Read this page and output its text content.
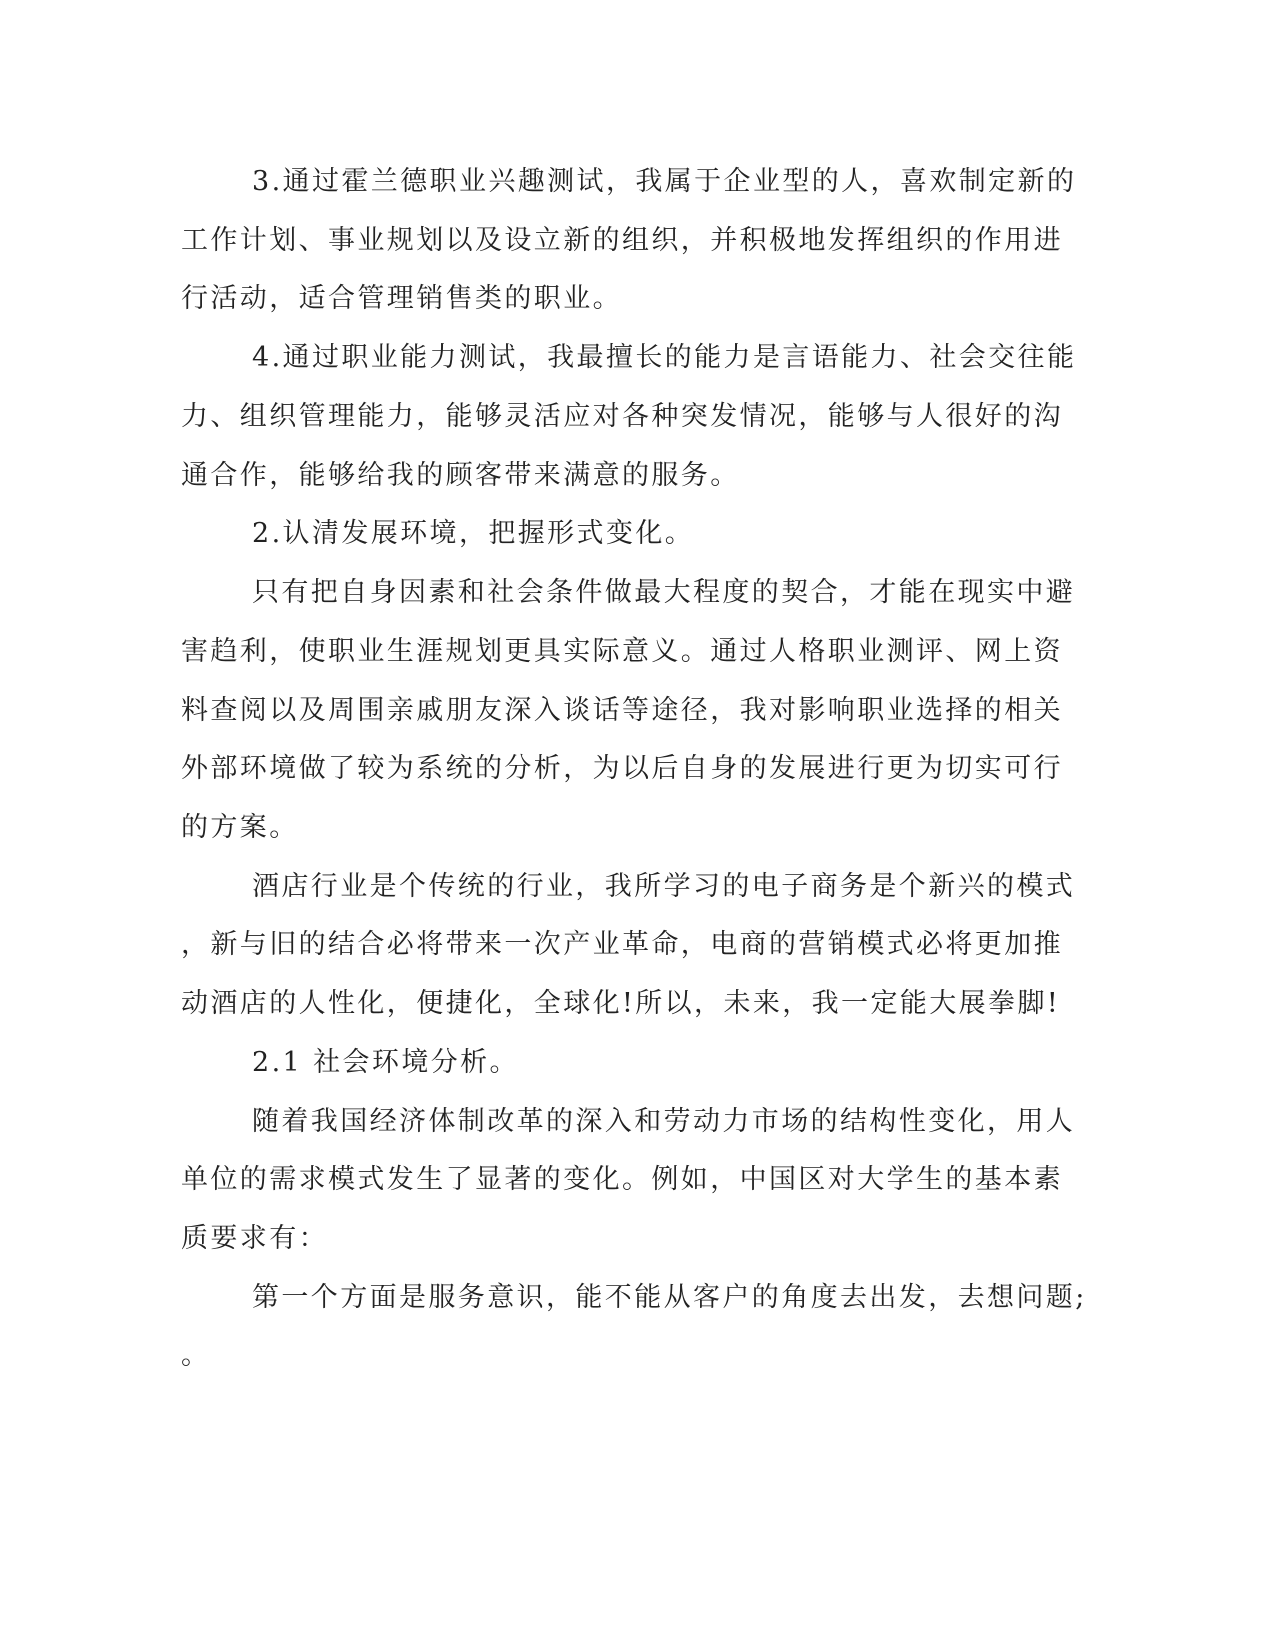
3.通过霍兰德职业兴趣测试，我属于企业型的人，喜欢制定新的
工作计划、事业规划以及设立新的组织，并积极地发挥组织的作用进
行活动，适合管理销售类的职业。
4.通过职业能力测试，我最擅长的能力是言语能力、社会交往能
力、组织管理能力，能够灵活应对各种突发情况，能够与人很好的沟
通合作，能够给我的顾客带来满意的服务。
2.认清发展环境，把握形式变化。
只有把自身因素和社会条件做最大程度的契合，才能在现实中避
害趋利，使职业生涯规划更具实际意义。通过人格职业测评、网上资
料查阅以及周围亲戚朋友深入谈话等途径，我对影响职业选择的相关
外部环境做了较为系统的分析，为以后自身的发展进行更为切实可行
的方案。
酒店行业是个传统的行业，我所学习的电子商务是个新兴的模式
，新与旧的结合必将带来一次产业革命，电商的营销模式必将更加推
动酒店的人性化，便捷化，全球化!所以，未来，我一定能大展拳脚!
2.1 社会环境分析。
随着我国经济体制改革的深入和劳动力市场的结构性变化，用人
单位的需求模式发生了显著的变化。例如，中国区对大学生的基本素
质要求有：
第一个方面是服务意识，能不能从客户的角度去出发，去想问题;
。
